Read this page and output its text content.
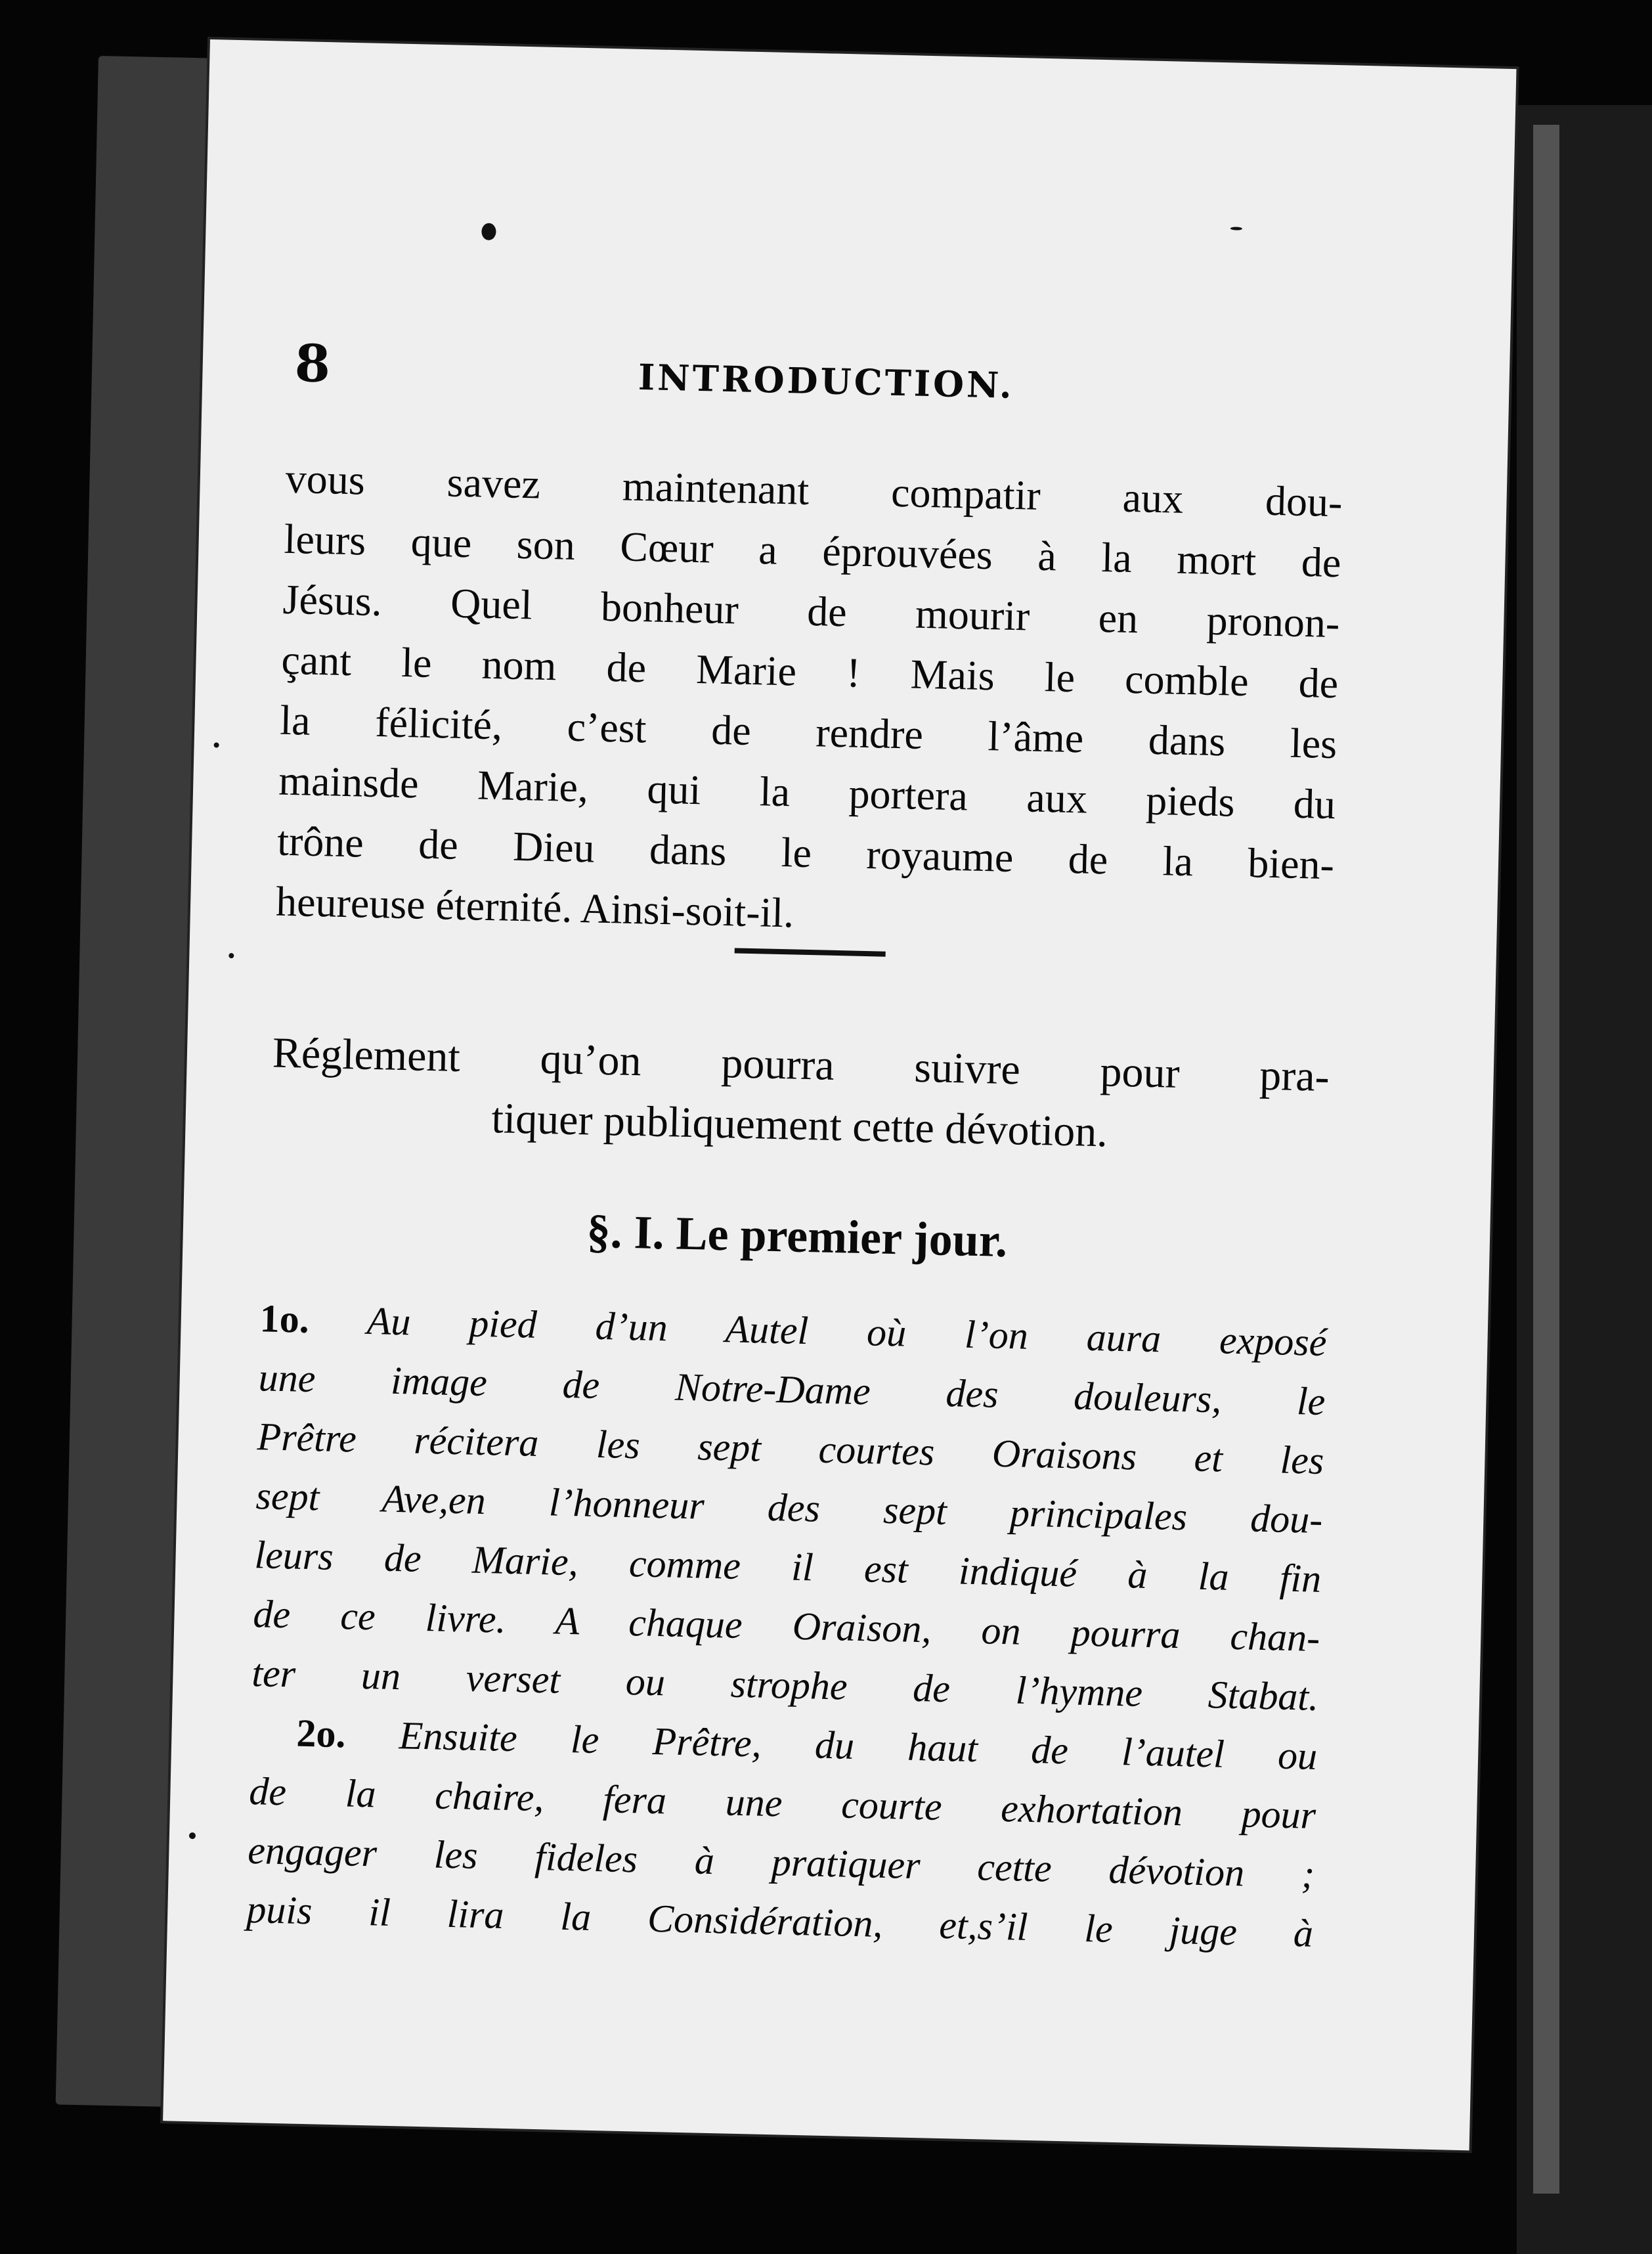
8	INTRODUCTION.
vous savez maintenant compatir aux dou-
leurs que son Cœur a éprouvées à la mort de
Jésus. Quel bonheur de mourir en pronon-
çant le nom de Marie ! Mais le comble de
la félicité, c’est de rendre l’âme dans les
mainsde Marie, qui la portera aux pieds du
trône de Dieu dans le royaume de la bien-
heureuse éternité. Ainsi-soit-il.
Réglement qu’on pourra suivre pour pra-
tiquer publiquement cette dévotion.
§. I. Le premier jour.
1o. Au pied d’un Autel où l’on aura exposé
une image de Notre-Dame des douleurs, le
Prêtre récitera les sept courtes Oraisons et les
sept Ave,en l’honneur des sept principales dou-
leurs de Marie, comme il est indiqué à la fin
de ce livre. A chaque Oraison, on pourra chan-
ter un verset ou strophe de l’hymne Stabat.
2o. Ensuite le Prêtre, du haut de l’autel ou
de la chaire, fera une courte exhortation pour
engager les fideles à pratiquer cette dévotion ;
puis il lira la Considération, et,s’il le juge à
